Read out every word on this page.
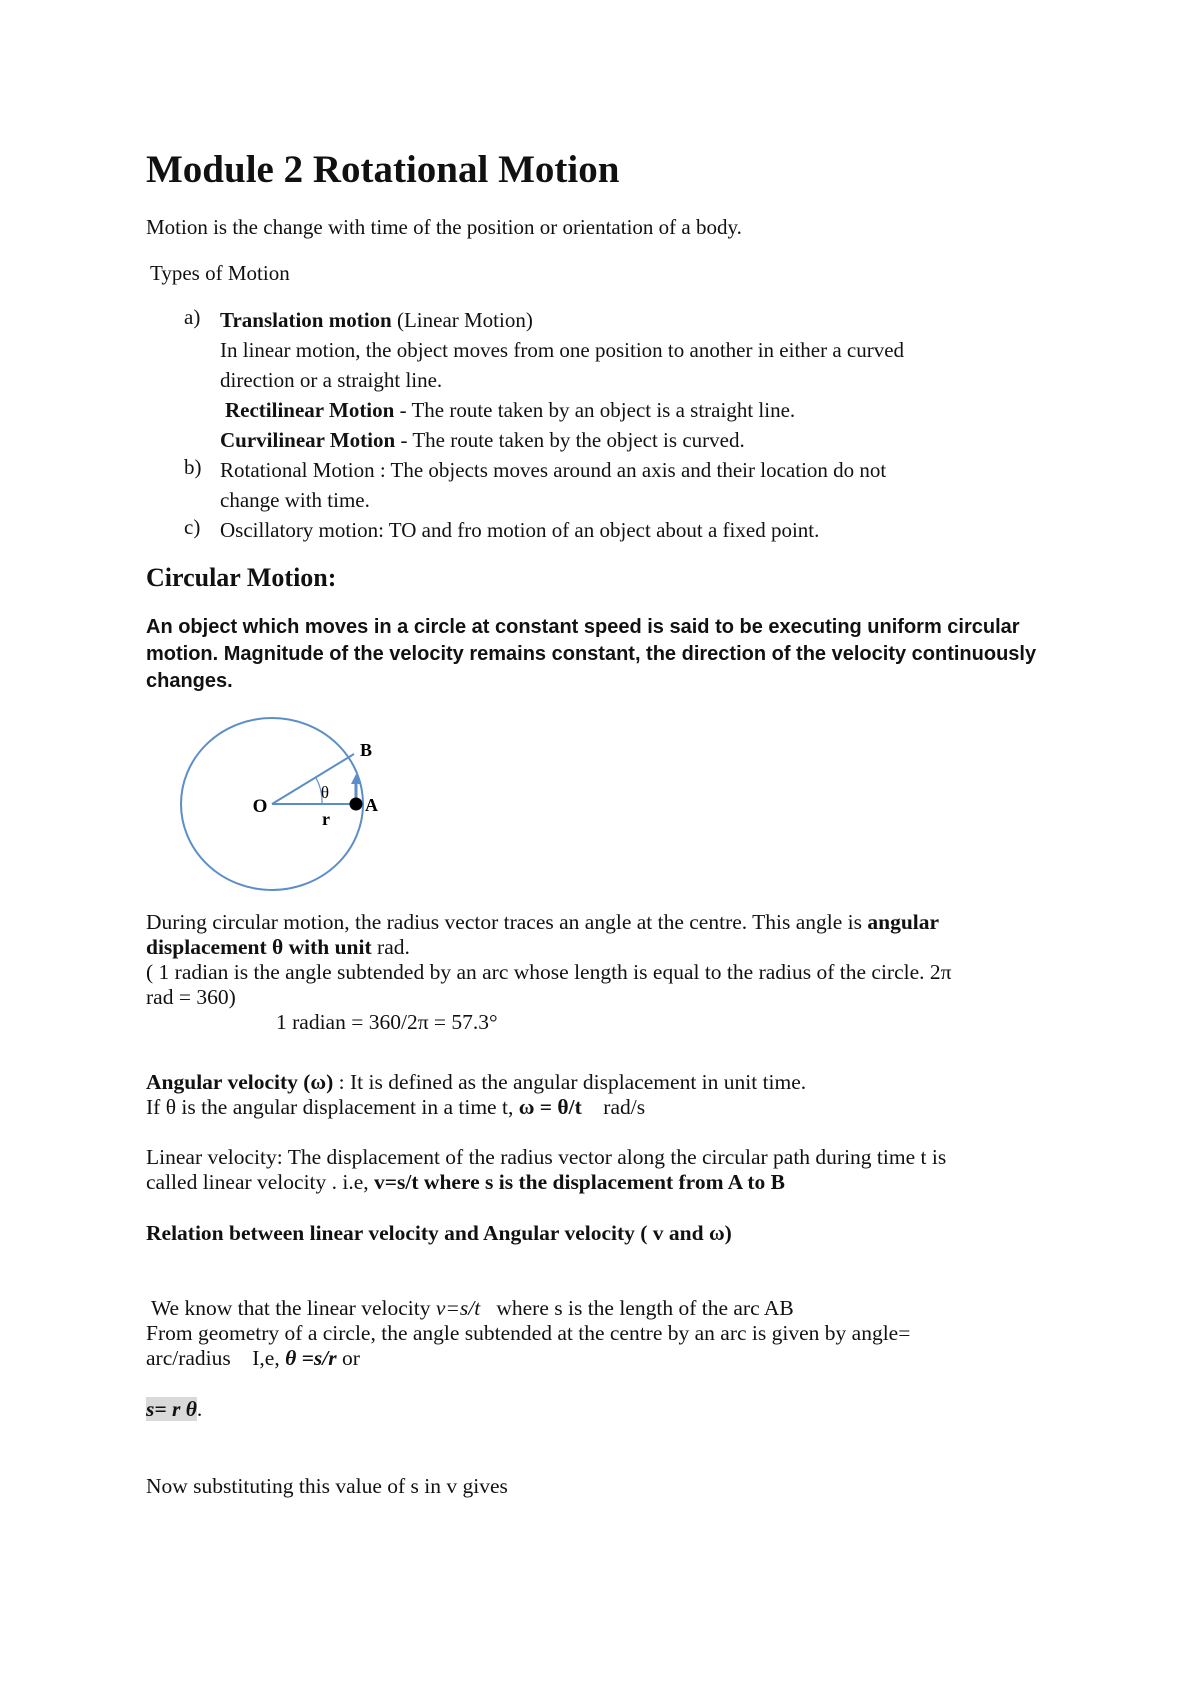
Module 2 Rotational Motion
Motion is the change with time of the position or orientation of a body.
Types of Motion
a) Translation motion (Linear Motion)
In linear motion, the object moves from one position to another in either a curved
direction or a straight line.
Rectilinear Motion - The route taken by an object is a straight line.
Curvilinear Motion - The route taken by the object is curved.
b) Rotational Motion : The objects moves around an axis and their location do not
change with time.
c) Oscillatory motion: TO and fro motion of an object about a fixed point.
Circular Motion:
An object which moves in a circle at constant speed is said to be executing uniform circular motion. Magnitude of the velocity remains constant, the direction of the velocity continuously changes.
O	A
B
θ
r
During circular motion, the radius vector traces an angle at the centre. This angle is angular
displacement θ with unit rad.
( 1 radian is the angle subtended by an arc whose length is equal to the radius of the circle. 2π
rad = 360)
1 radian = 360/2π = 57.3°
Angular velocity (ω) : It is defined as the angular displacement in unit time.
If θ is the angular displacement in a time t, ω = θ/t    rad/s
Linear velocity: The displacement of the radius vector along the circular path during time t is
called linear velocity . i.e, v=s/t where s is the displacement from A to B
Relation between linear velocity and Angular velocity ( v and ω)
We know that the linear velocity v=s/t   where s is the length of the arc AB
From geometry of a circle, the angle subtended at the centre by an arc is given by angle=
arc/radius    I,e, θ =s/r or
s= r θ.
Now substituting this value of s in v gives
